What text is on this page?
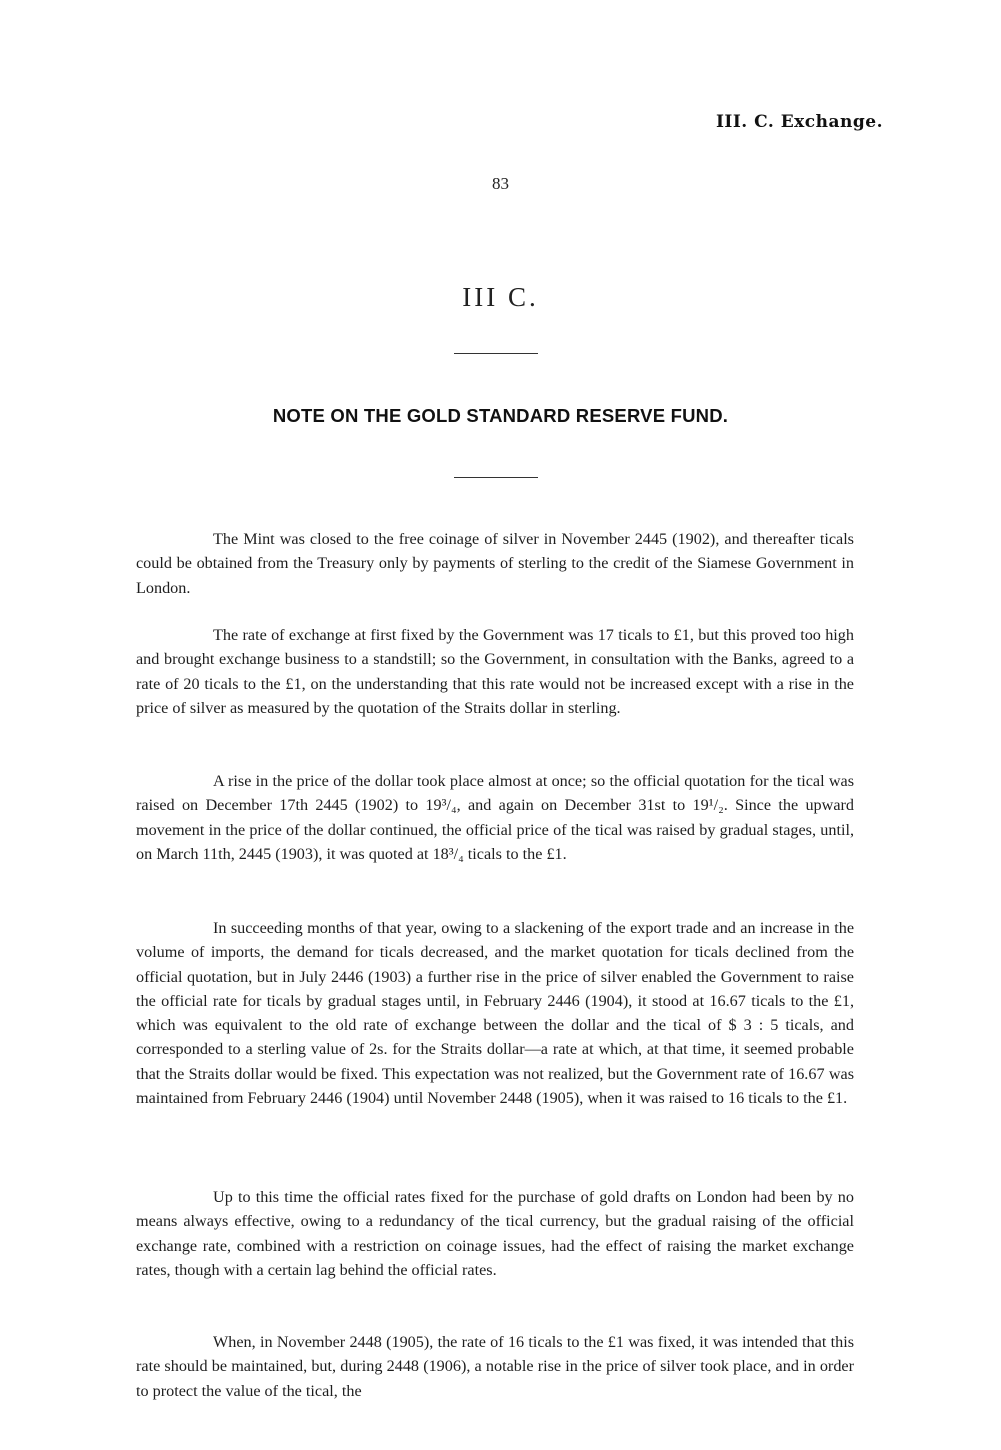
III. C. Exchange.
83
III C.
NOTE ON THE GOLD STANDARD RESERVE FUND.

The Mint was closed to the free coinage of silver in November 2445 (1902), and thereafter ticals could be obtained from the Treasury only by payments of sterling to the credit of the Siamese Government in London.

The rate of exchange at first fixed by the Government was 17 ticals to £1, but this proved too high and brought exchange business to a standstill; so the Government, in consultation with the Banks, agreed to a rate of 20 ticals to the £1, on the understanding that this rate would not be increased except with a rise in the price of silver as measured by the quotation of the Straits dollar in sterling.

A rise in the price of the dollar took place almost at once; so the official quotation for the tical was raised on December 17th 2445 (1902) to 19³/₄, and again on December 31st to 19¹/₂. Since the upward movement in the price of the dollar continued, the official price of the tical was raised by gradual stages, until, on March 11th, 2445 (1903), it was quoted at 18³/₄ ticals to the £1.

In succeeding months of that year, owing to a slackening of the export trade and an increase in the volume of imports, the demand for ticals decreased, and the market quotation for ticals declined from the official quotation, but in July 2446 (1903) a further rise in the price of silver enabled the Government to raise the official rate for ticals by gradual stages until, in February 2446 (1904), it stood at 16.67 ticals to the £1, which was equivalent to the old rate of exchange between the dollar and the tical of $ 3 : 5 ticals, and corresponded to a sterling value of 2s. for the Straits dollar—a rate at which, at that time, it seemed probable that the Straits dollar would be fixed. This expectation was not realized, but the Government rate of 16.67 was maintained from February 2446 (1904) until November 2448 (1905), when it was raised to 16 ticals to the £1.

Up to this time the official rates fixed for the purchase of gold drafts on London had been by no means always effective, owing to a redundancy of the tical currency, but the gradual raising of the official exchange rate, combined with a restriction on coinage issues, had the effect of raising the market exchange rates, though with a certain lag behind the official rates.

When, in November 2448 (1905), the rate of 16 ticals to the £1 was fixed, it was intended that this rate should be maintained, but, during 2448 (1906), a notable rise in the price of silver took place, and in order to protect the value of the tical, the
